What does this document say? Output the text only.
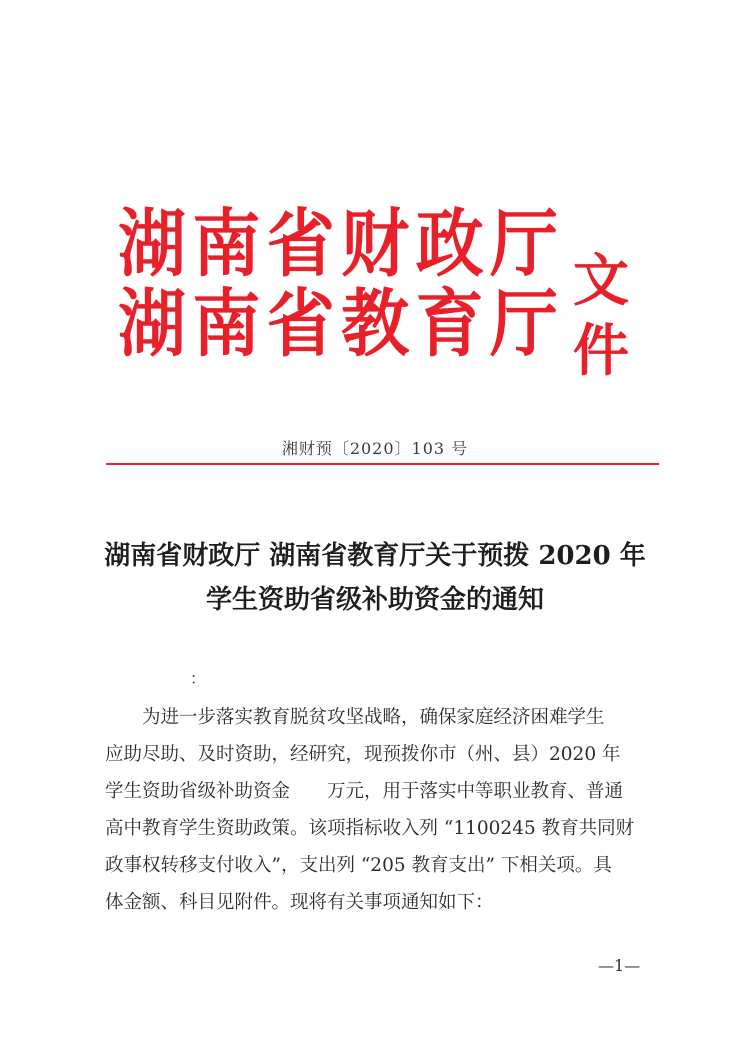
湖 南 省 财 政 厅
湖 南 省 教 育 厅
文件
湘财预〔2020〕103 号
湖南省财政厅 湖南省教育厅关于预拨 2020 年
学生资助省级补助资金的通知
：
为进一步落实教育脱贫攻坚战略，确保家庭经济困难学生
应助尽助、及时资助，经研究，现预拨你市（州、县）2020 年
学生资助省级补助资金　　万元，用于落实中等职业教育、普通
高中教育学生资助政策。该项指标收入列 “1100245 教育共同财
政事权转移支付收入”，支出列 “205 教育支出” 下相关项。具
体金额、科目见附件。现将有关事项通知如下：
—1—
